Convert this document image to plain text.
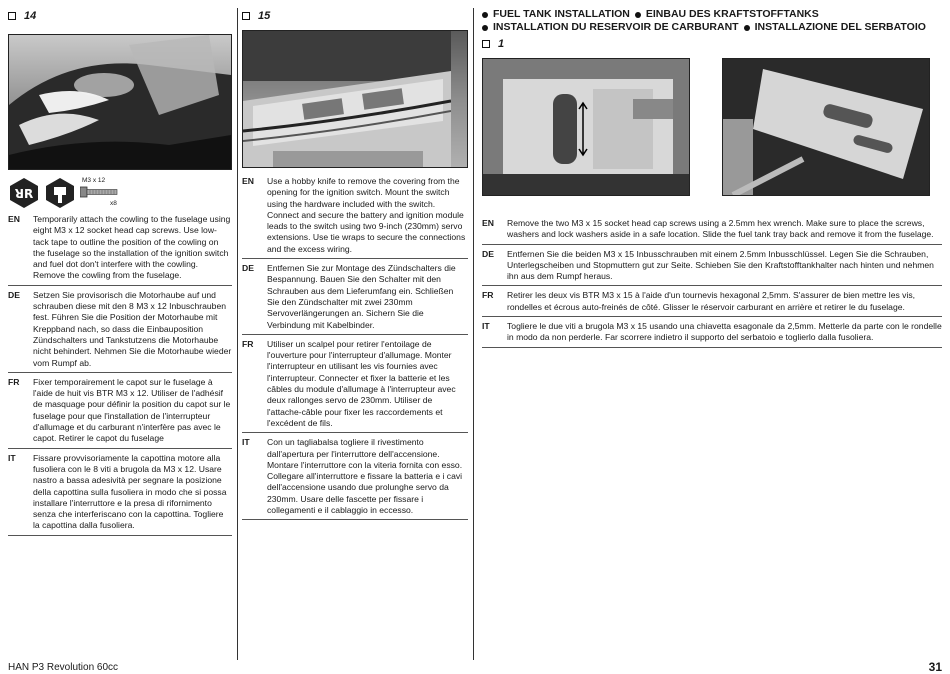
14
ꓤR
M3 x 12
x8
EN	Temporarily attach the cowling to the fuselage using eight M3 x 12 socket head cap screws. Use low-tack tape to outline the position of the cowling on the fuselage so the installation of the ignition switch and fuel dot don't interfere with the cowling. Remove the cowling from the fuselage.
DE	Setzen Sie provisorisch die Motorhaube auf und schrauben diese mit den 8 M3 x 12 Inbuschrauben fest. Führen Sie die Position der Motorhaube mit Kreppband nach, so dass die Einbauposition Zündschalters und Tankstutzens die Motorhaube nicht behindert. Nehmen Sie die Motorhaube wieder vom Rumpf ab.
FR	Fixer temporairement le capot sur le fuselage à l'aide de huit vis BTR M3 x 12. Utiliser de l'adhésif de masquage pour définir la position du capot sur le fuselage pour que l'installation de l'interrupteur d'allumage et du carburant n'interfère pas avec le capot. Retirer le capot du fuselage
IT	Fissare provvisoriamente la capottina motore alla fusoliera con le 8 viti a brugola da M3 x 12. Usare nastro a bassa adesività per segnare la posizione della capottina sulla fusoliera in modo che si possa installare l'interruttore e la presa di rifornimento senza che interferiscano con la capottina. Togliere la capottina dalla fusoliera.
15
EN	Use a hobby knife to remove the covering from the opening for the ignition switch. Mount the switch using the hardware included with the switch. Connect and secure the battery and ignition module leads to the switch using two 9-inch (230mm) servo extensions. Use tie wraps to secure the connections and the excess wiring.
DE	Entfernen Sie zur Montage des Zündschalters die Bespannung. Bauen Sie den Schalter mit den Schrauben aus dem Lieferumfang ein. Schließen Sie den Zündschalter mit zwei 230mm Servoverlängerungen an. Sichern Sie die Verbindung mit Kabelbinder.
FR	Utiliser un scalpel pour retirer l'entoilage de l'ouverture pour l'interrupteur d'allumage. Monter l'interrupteur en utilisant les vis fournies avec l'interrupteur. Connecter et fixer la batterie et les câbles du module d'allumage à l'interrupteur avec deux rallonges servo de 230mm. Utiliser de l'attache-câble pour fixer les raccordements et l'excédent de fils.
IT	Con un tagliabalsa togliere il rivestimento dall'apertura per l'interruttore dell'accensione. Montare l'interruttore con la viteria fornita con esso. Collegare all'interruttore e fissare la batteria e i cavi dell'accensione usando due prolunghe servo da 230mm. Usare delle fascette per fissare i collegamenti e il cablaggio in eccesso.
FUEL TANK INSTALLATION EINBAU DES KRAFTSTOFFTANKS
INSTALLATION DU RESERVOIR DE CARBURANT INSTALLAZIONE DEL SERBATOIO
1
EN	Remove the two M3 x 15 socket head cap screws using a 2.5mm hex wrench. Make sure to place the screws, washers and lock washers aside in a safe location. Slide the fuel tank tray back and remove it from the fuselage.
DE	Entfernen Sie die beiden M3 x 15 Inbusschrauben mit einem 2.5mm Inbusschlüssel. Legen Sie die Schrauben, Unterlegscheiben und Stopmuttern gut zur Seite. Schieben Sie den Kraftstofftankhalter nach hinten und nehmen ihn aus dem Rumpf heraus.
FR	Retirer les deux vis BTR M3 x 15 à l'aide d'un tournevis hexagonal 2,5mm. S'assurer de bien mettre les vis, rondelles et écrous auto-freinés de côté. Glisser le réservoir carburant en arrière et retirer le du fuselage.
IT	Togliere le due viti a brugola M3 x 15 usando una chiavetta esagonale da 2,5mm. Metterle da parte con le rondelle in modo da non perderle. Far scorrere indietro il supporto del serbatoio e toglierlo dalla fusoliera.
HAN P3 Revolution 60cc	31
